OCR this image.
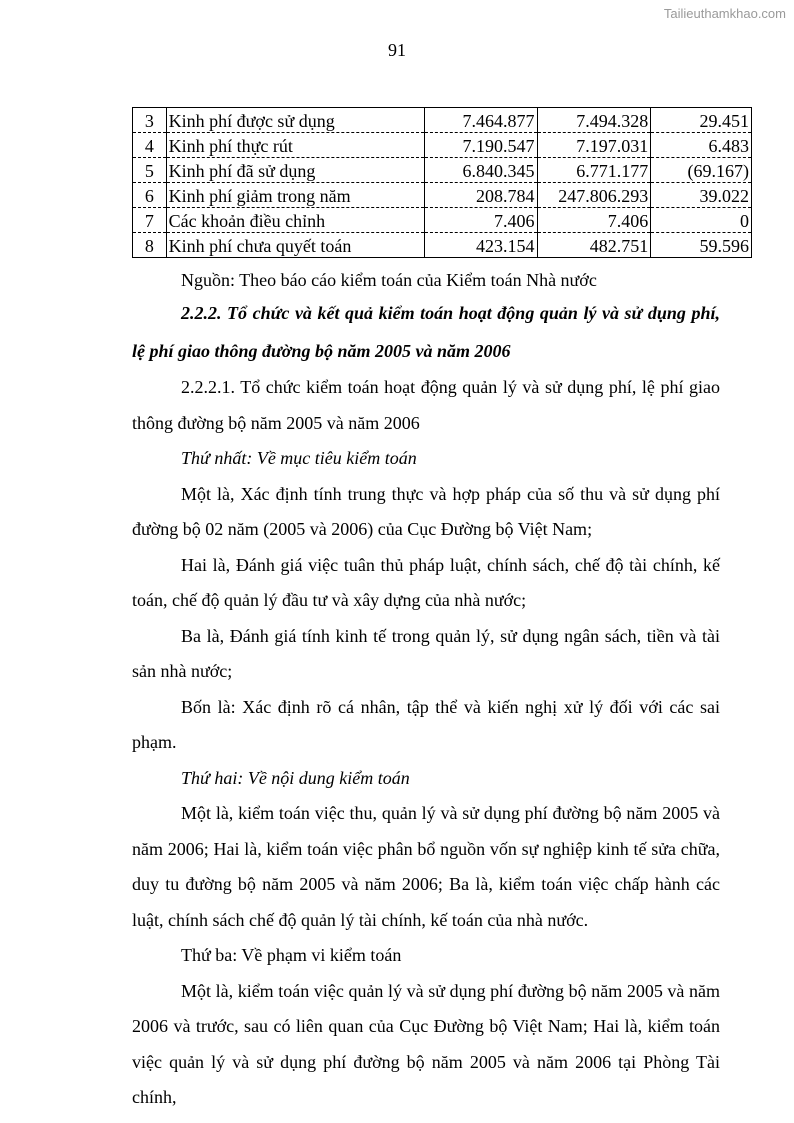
Tailieuthamkhao.com
91
3	Kinh phí được sử dụng	7.464.877	7.494.328	29.451
4	Kinh phí thực rút	7.190.547	7.197.031	6.483
5	Kinh phí đã sử dụng	6.840.345	6.771.177	(69.167)
6	Kinh phí giảm trong năm	208.784	247.806.293	39.022
7	Các khoản điều chỉnh	7.406	7.406	0
8	Kinh phí chưa quyết toán	423.154	482.751	59.596

Nguồn: Theo báo cáo kiểm toán của Kiểm toán Nhà nước

2.2.2. Tổ chức và kết quả kiểm toán hoạt động quản lý và sử dụng phí, lệ phí giao thông đường bộ năm 2005 và năm 2006

2.2.2.1. Tổ chức kiểm toán hoạt động quản lý và sử dụng phí, lệ phí giao thông đường bộ năm 2005 và năm 2006

Thứ nhất: Về mục tiêu kiểm toán

Một là, Xác định tính trung thực và hợp pháp của số thu và sử dụng phí đường bộ 02 năm (2005 và 2006) của Cục Đường bộ Việt Nam;

Hai là, Đánh giá việc tuân thủ pháp luật, chính sách, chế độ tài chính, kế toán, chế độ quản lý đầu tư và xây dựng của nhà nước;

Ba là, Đánh giá tính kinh tế trong quản lý, sử dụng ngân sách, tiền và tài sản nhà nước;

Bốn là: Xác định rõ cá nhân, tập thể và kiến nghị xử lý đối với các sai phạm.

Thứ hai: Về nội dung kiểm toán

Một là, kiểm toán việc thu, quản lý và sử dụng phí đường bộ năm 2005 và năm 2006; Hai là, kiểm toán việc phân bổ nguồn vốn sự nghiệp kinh tế sửa chữa, duy tu đường bộ năm 2005 và năm 2006; Ba là, kiểm toán việc chấp hành các luật, chính sách chế độ quản lý tài chính, kế toán của nhà nước.

Thứ ba: Về phạm vi kiểm toán

Một là, kiểm toán việc quản lý và sử dụng phí đường bộ năm 2005 và năm 2006 và trước, sau có liên quan của Cục Đường bộ Việt Nam; Hai là, kiểm toán việc quản lý và sử dụng phí đường bộ năm 2005 và năm 2006 tại Phòng Tài chính,
